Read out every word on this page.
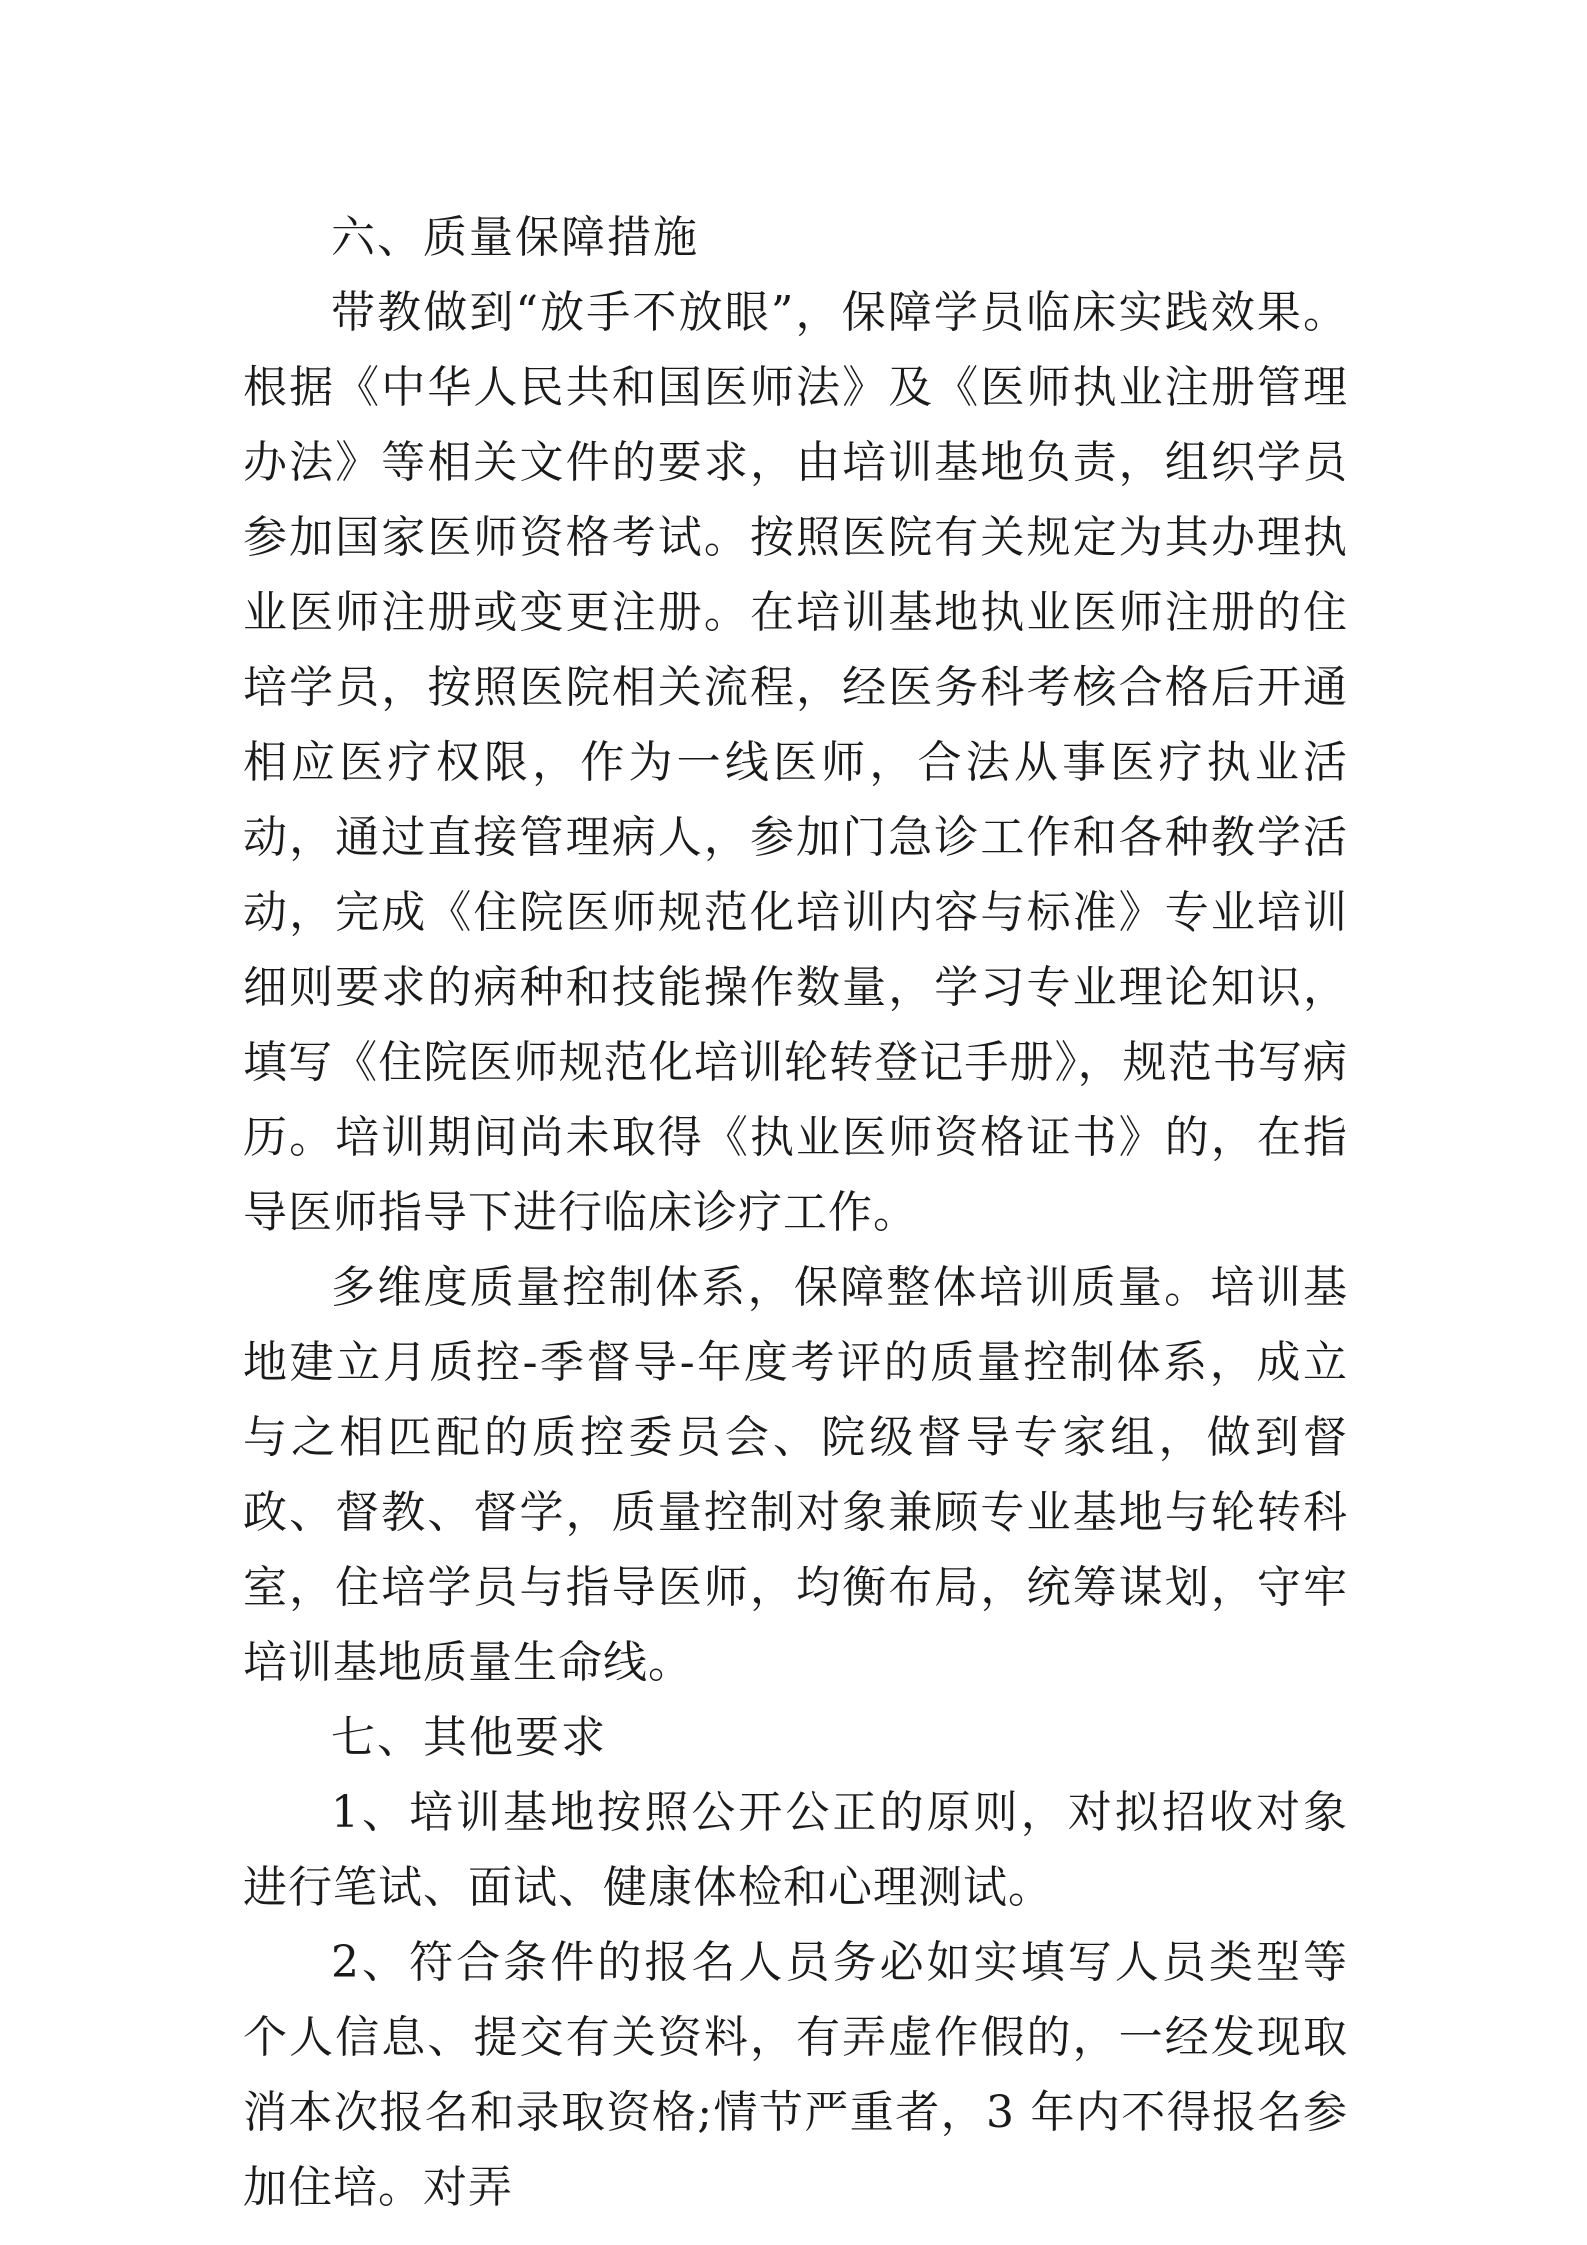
六、质量保障措施

带教做到“放手不放眼”，保障学员临床实践效果。根据《中华人民共和国医师法》及《医师执业注册管理办法》等相关文件的要求，由培训基地负责，组织学员参加国家医师资格考试。按照医院有关规定为其办理执业医师注册或变更注册。在培训基地执业医师注册的住培学员，按照医院相关流程，经医务科考核合格后开通相应医疗权限，作为一线医师，合法从事医疗执业活动，通过直接管理病人，参加门急诊工作和各种教学活动，完成《住院医师规范化培训内容与标准》专业培训细则要求的病种和技能操作数量，学习专业理论知识，填写《住院医师规范化培训轮转登记手册》，规范书写病历。培训期间尚未取得《执业医师资格证书》的，在指导医师指导下进行临床诊疗工作。

多维度质量控制体系，保障整体培训质量。培训基地建立月质控-季督导-年度考评的质量控制体系，成立与之相匹配的质控委员会、院级督导专家组，做到督政、督教、督学，质量控制对象兼顾专业基地与轮转科室，住培学员与指导医师，均衡布局，统筹谋划，守牢培训基地质量生命线。

七、其他要求

1、培训基地按照公开公正的原则，对拟招收对象进行笔试、面试、健康体检和心理测试。

2、符合条件的报名人员务必如实填写人员类型等个人信息、提交有关资料，有弄虚作假的，一经发现取消本次报名和录取资格;情节严重者，3 年内不得报名参加住培。对弄
